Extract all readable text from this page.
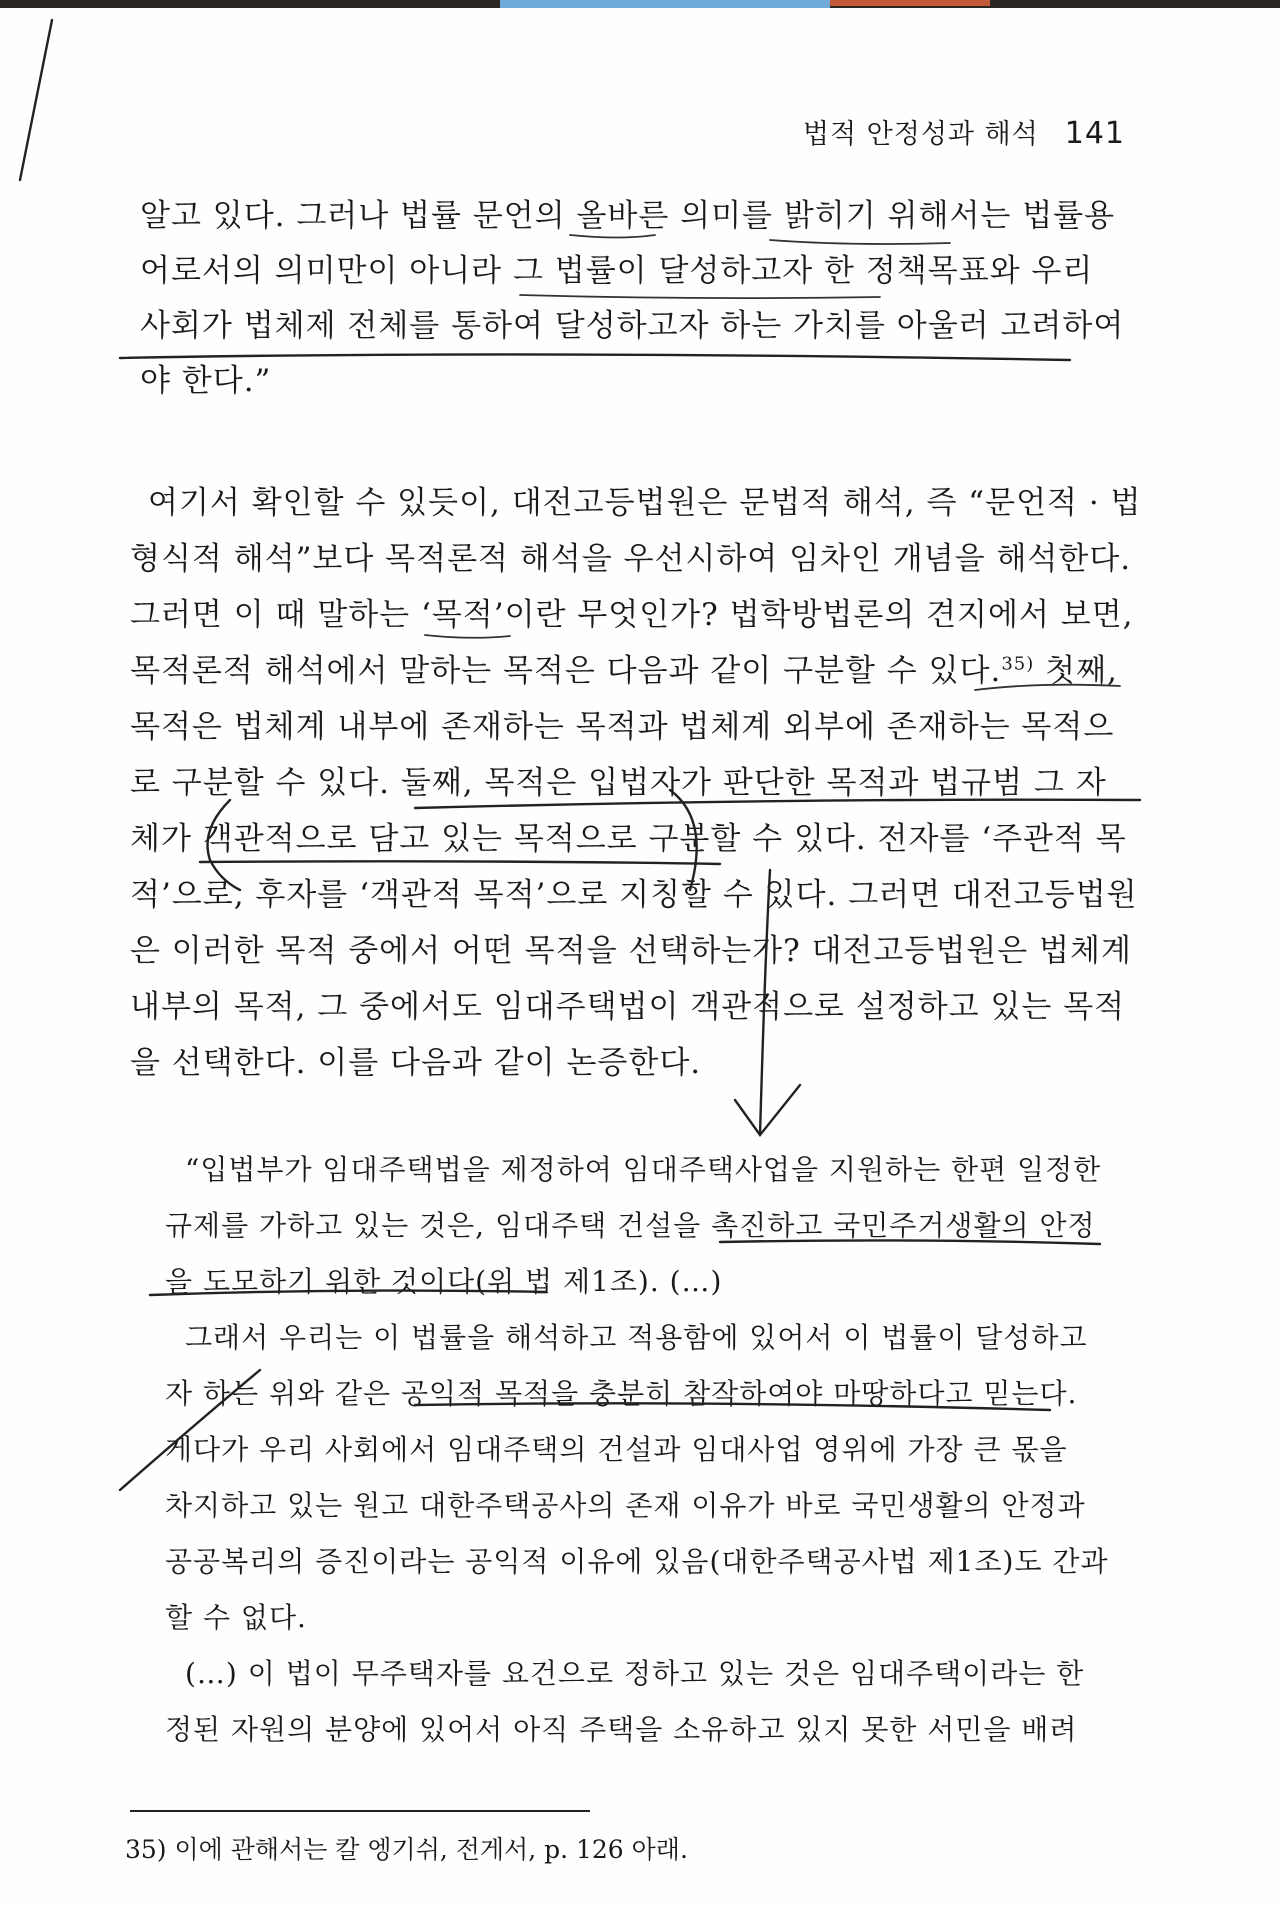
법적 안정성과 해석 141
알고 있다. 그러나 법률 문언의 올바른 의미를 밝히기 위해서는 법률용
어로서의 의미만이 아니라 그 법률이 달성하고자 한 정책목표와 우리
사회가 법체제 전체를 통하여 달성하고자 하는 가치를 아울러 고려하여
야 한다.”
여기서 확인할 수 있듯이, 대전고등법원은 문법적 해석, 즉 “문언적 · 법
형식적 해석”보다 목적론적 해석을 우선시하여 임차인 개념을 해석한다.
그러면 이 때 말하는 ‘목적’이란 무엇인가? 법학방법론의 견지에서 보면,
목적론적 해석에서 말하는 목적은 다음과 같이 구분할 수 있다.$^{35)}$ 첫째,
목적은 법체계 내부에 존재하는 목적과 법체계 외부에 존재하는 목적으
로 구분할 수 있다. 둘째, 목적은 입법자가 판단한 목적과 법규범 그 자
체가 객관적으로 담고 있는 목적으로 구분할 수 있다. 전자를 ‘주관적 목
적’으로, 후자를 ‘객관적 목적’으로 지칭할 수 있다. 그러면 대전고등법원
은 이러한 목적 중에서 어떤 목적을 선택하는가? 대전고등법원은 법체계
내부의 목적, 그 중에서도 임대주택법이 객관적으로 설정하고 있는 목적
을 선택한다. 이를 다음과 같이 논증한다.
“입법부가 임대주택법을 제정하여 임대주택사업을 지원하는 한편 일정한
규제를 가하고 있는 것은, 임대주택 건설을 촉진하고 국민주거생활의 안정
을 도모하기 위한 것이다(위 법 제1조). (…)
그래서 우리는 이 법률을 해석하고 적용함에 있어서 이 법률이 달성하고
자 하는 위와 같은 공익적 목적을 충분히 참작하여야 마땅하다고 믿는다.
게다가 우리 사회에서 임대주택의 건설과 임대사업 영위에 가장 큰 몫을
차지하고 있는 원고 대한주택공사의 존재 이유가 바로 국민생활의 안정과
공공복리의 증진이라는 공익적 이유에 있음(대한주택공사법 제1조)도 간과
할 수 없다.
(…) 이 법이 무주택자를 요건으로 정하고 있는 것은 임대주택이라는 한
정된 자원의 분양에 있어서 아직 주택을 소유하고 있지 못한 서민을 배려
35) 이에 관해서는 칼 엥기쉬, 전게서, p. 126 아래.
